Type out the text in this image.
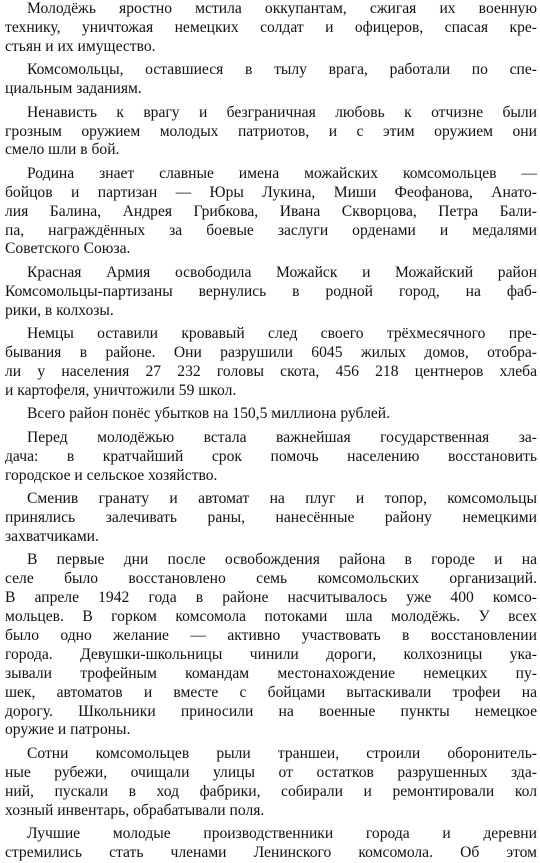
Молодёжь яростно мстила оккупантам, сжигая их военную
технику, уничтожая немецких солдат и офицеров, спасая кре-
стьян и их имущество.
Комсомольцы, оставшиеся в тылу врага, работали по спе-
циальным заданиям.
Ненависть к врагу и безграничная любовь к отчизне были
грозным оружием молодых патриотов, и с этим оружием они
смело шли в бой.
Родина знает славные имена можайских комсомольцев —
бойцов и партизан — Юры Лукина, Миши Феофанова, Анато-
лия Балина, Андрея Грибкова, Ивана Скворцова, Петра Бали-
па, награждённых за боевые заслуги орденами и медалями
Советского Союза.
Красная Армия освободила Можайск и Можайский район
Комсомольцы-партизаны вернулись в родной город, на фаб-
рики, в колхозы.
Немцы оставили кровавый след своего трёхмесячного пре-
бывания в районе. Они разрушили 6045 жилых домов, отобра-
ли у населения 27 232 головы скота, 456 218 центнеров хлеба
и картофеля, уничтожили 59 школ.
Всего район понёс убытков на 150,5 миллиона рублей.
Перед молодёжью встала важнейшая государственная за-
дача: в кратчайший срок помочь населению восстановить
городское и сельское хозяйство.
Сменив гранату и автомат на плуг и топор, комсомольцы
принялись залечивать раны, нанесённые району немецкими
захватчиками.
В первые дни после освобождения района в городе и на
селе было восстановлено семь комсомольских организаций.
В апреле 1942 года в районе насчитывалось уже 400 комсо-
мольцев. В горком комсомола потоками шла молодёжь. У всех
было одно желание — активно участвовать в восстановлении
города. Девушки-школьницы чинили дороги, колхозницы ука-
зывали трофейным командам местонахождение немецких пу-
шек, автоматов и вместе с бойцами вытаскивали трофеи на
дорогу. Школьники приносили на военные пункты немецкое
оружие и патроны.
Сотни комсомольцев рыли траншеи, строили оборонитель-
ные рубежи, очищали улицы от остатков разрушенных зда-
ний, пускали в ход фабрики, собирали и ремонтировали кол
хозный инвентарь, обрабатывали поля.
Лучшие молодые производственники города и деревни
стремились стать членами Ленинского комсомола. Об этом
